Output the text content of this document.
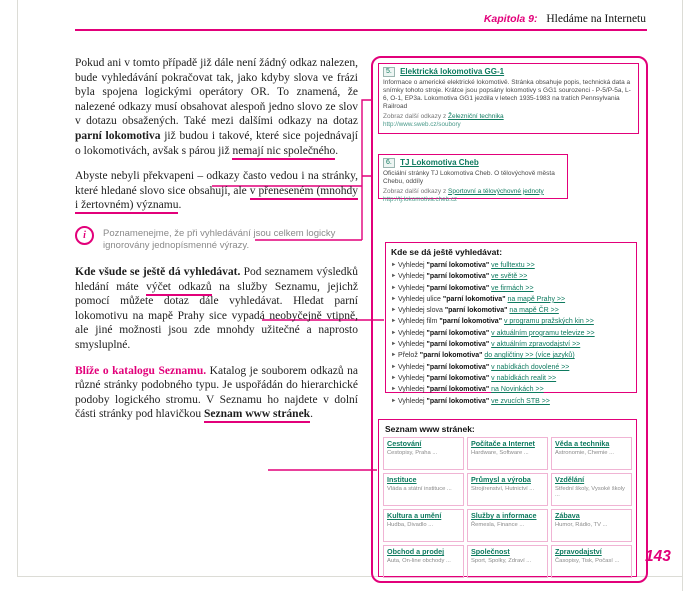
Kapitola 9: Hledáme na Internetu

Pokud ani v tomto případě již dále není žádný odkaz nalezen, bude vyhledávání pokračovat tak, jako kdyby slova ve frázi byla spojena logickými operátory OR. To znamená, že nalezené odkazy musí obsahovat alespoň jedno slovo ze slov v dotazu obsažených. Také mezi dalšími odkazy na dotaz parní lokomotiva již budou i takové, které sice pojednávají o lokomotivách, avšak s párou již nemají nic společného.

Abyste nebyli překvapeni – odkazy často vedou i na stránky, které hledané slovo sice obsahují, ale v přeneseném (mnohdy i žertovném) významu.

i	Poznamenejme, že při vyhledávání jsou celkem logicky ignorovány jednopísmenné výrazy.

Kde všude se ještě dá vyhledávat. Pod seznamem výsledků hledání máte výčet odkazů na služby Seznamu, jejichž pomocí můžete dotaz dále vyhledávat. Hledat parní lokomotivu na mapě Prahy sice vypadá neobyčejně vtipně, ale jiné možnosti jsou zde mnohdy užitečné a naprosto smysluplné.

Blíže o katalogu Seznamu. Katalog je souborem odkazů na různé stránky podobného typu. Je uspořádán do hierarchické podoby logického stromu. V Seznamu ho najdete v dolní části stránky pod hlavičkou Seznam www stránek.

5. Elektrická lokomotiva GG-1
Informace o americké elektrické lokomotivě. Stránka obsahuje popis, technická data a snímky tohoto stroje. Krátce jsou popsány lokomotivy s GG1 sourozenci - P-5/P-5a, L-6, O-1, EP3a. Lokomotiva GG1 jezdila v letech 1935-1983 na tratích Pennsylvania Railroad
Zobraz další odkazy z Železniční technika
http://www.sweb.cz/soubory
6. TJ Lokomotiva Cheb
Oficiální stránky TJ Lokomotiva Cheb. O tělovýchově města Chebu, oddíly
Zobraz další odkazy z Sportovní a tělovýchovné jednoty
http://tj.lokomotiva.cheb.cz
Kde se dá ještě vyhledávat:
► Vyhledej "parní lokomotiva" ve fulltextu >>
► Vyhledej "parní lokomotiva" ve světě >>
► Vyhledej "parní lokomotiva" ve firmách >>
► Vyhledej ulice "parní lokomotiva" na mapě Prahy >>
► Vyhledej slova "parní lokomotiva" na mapě ČR >>
► Vyhledej film "parní lokomotiva" v programu pražských kin >>
► Vyhledej "parní lokomotiva" v aktuálním programu televize >>
► Vyhledej "parní lokomotiva" v aktuálním zpravodajství >>
► Přelož "parní lokomotiva" do angličtiny >> (více jazyků)
► Vyhledej "parní lokomotiva" v nabídkách dovolené >>
► Vyhledej "parní lokomotiva" v nabídkách realit >>
► Vyhledej "parní lokomotiva" na Novinkách >>
► Vyhledej "parní lokomotiva" ve zvucích STB >>
Seznam www stránek:
Cestování
Cestopisy, Praha ...
Počítače a Internet
Hardware, Software ...
Věda a technika
Astronomie, Chemie ...
Instituce
Vláda a státní instituce ...
Průmysl a výroba
Strojírenství, Hutnictví ...
Vzdělání
Střední školy, Vysoké školy ...
Kultura a umění
Hudba, Divadlo ...
Služby a informace
Řemesla, Finance ...
Zábava
Humor, Rádio, TV ...
Obchod a prodej
Auta, On-line obchody ...
Společnost
Sport, Spolky, Zdraví ...
Zpravodajství
Časopisy, Tisk, Počasí ...	143
